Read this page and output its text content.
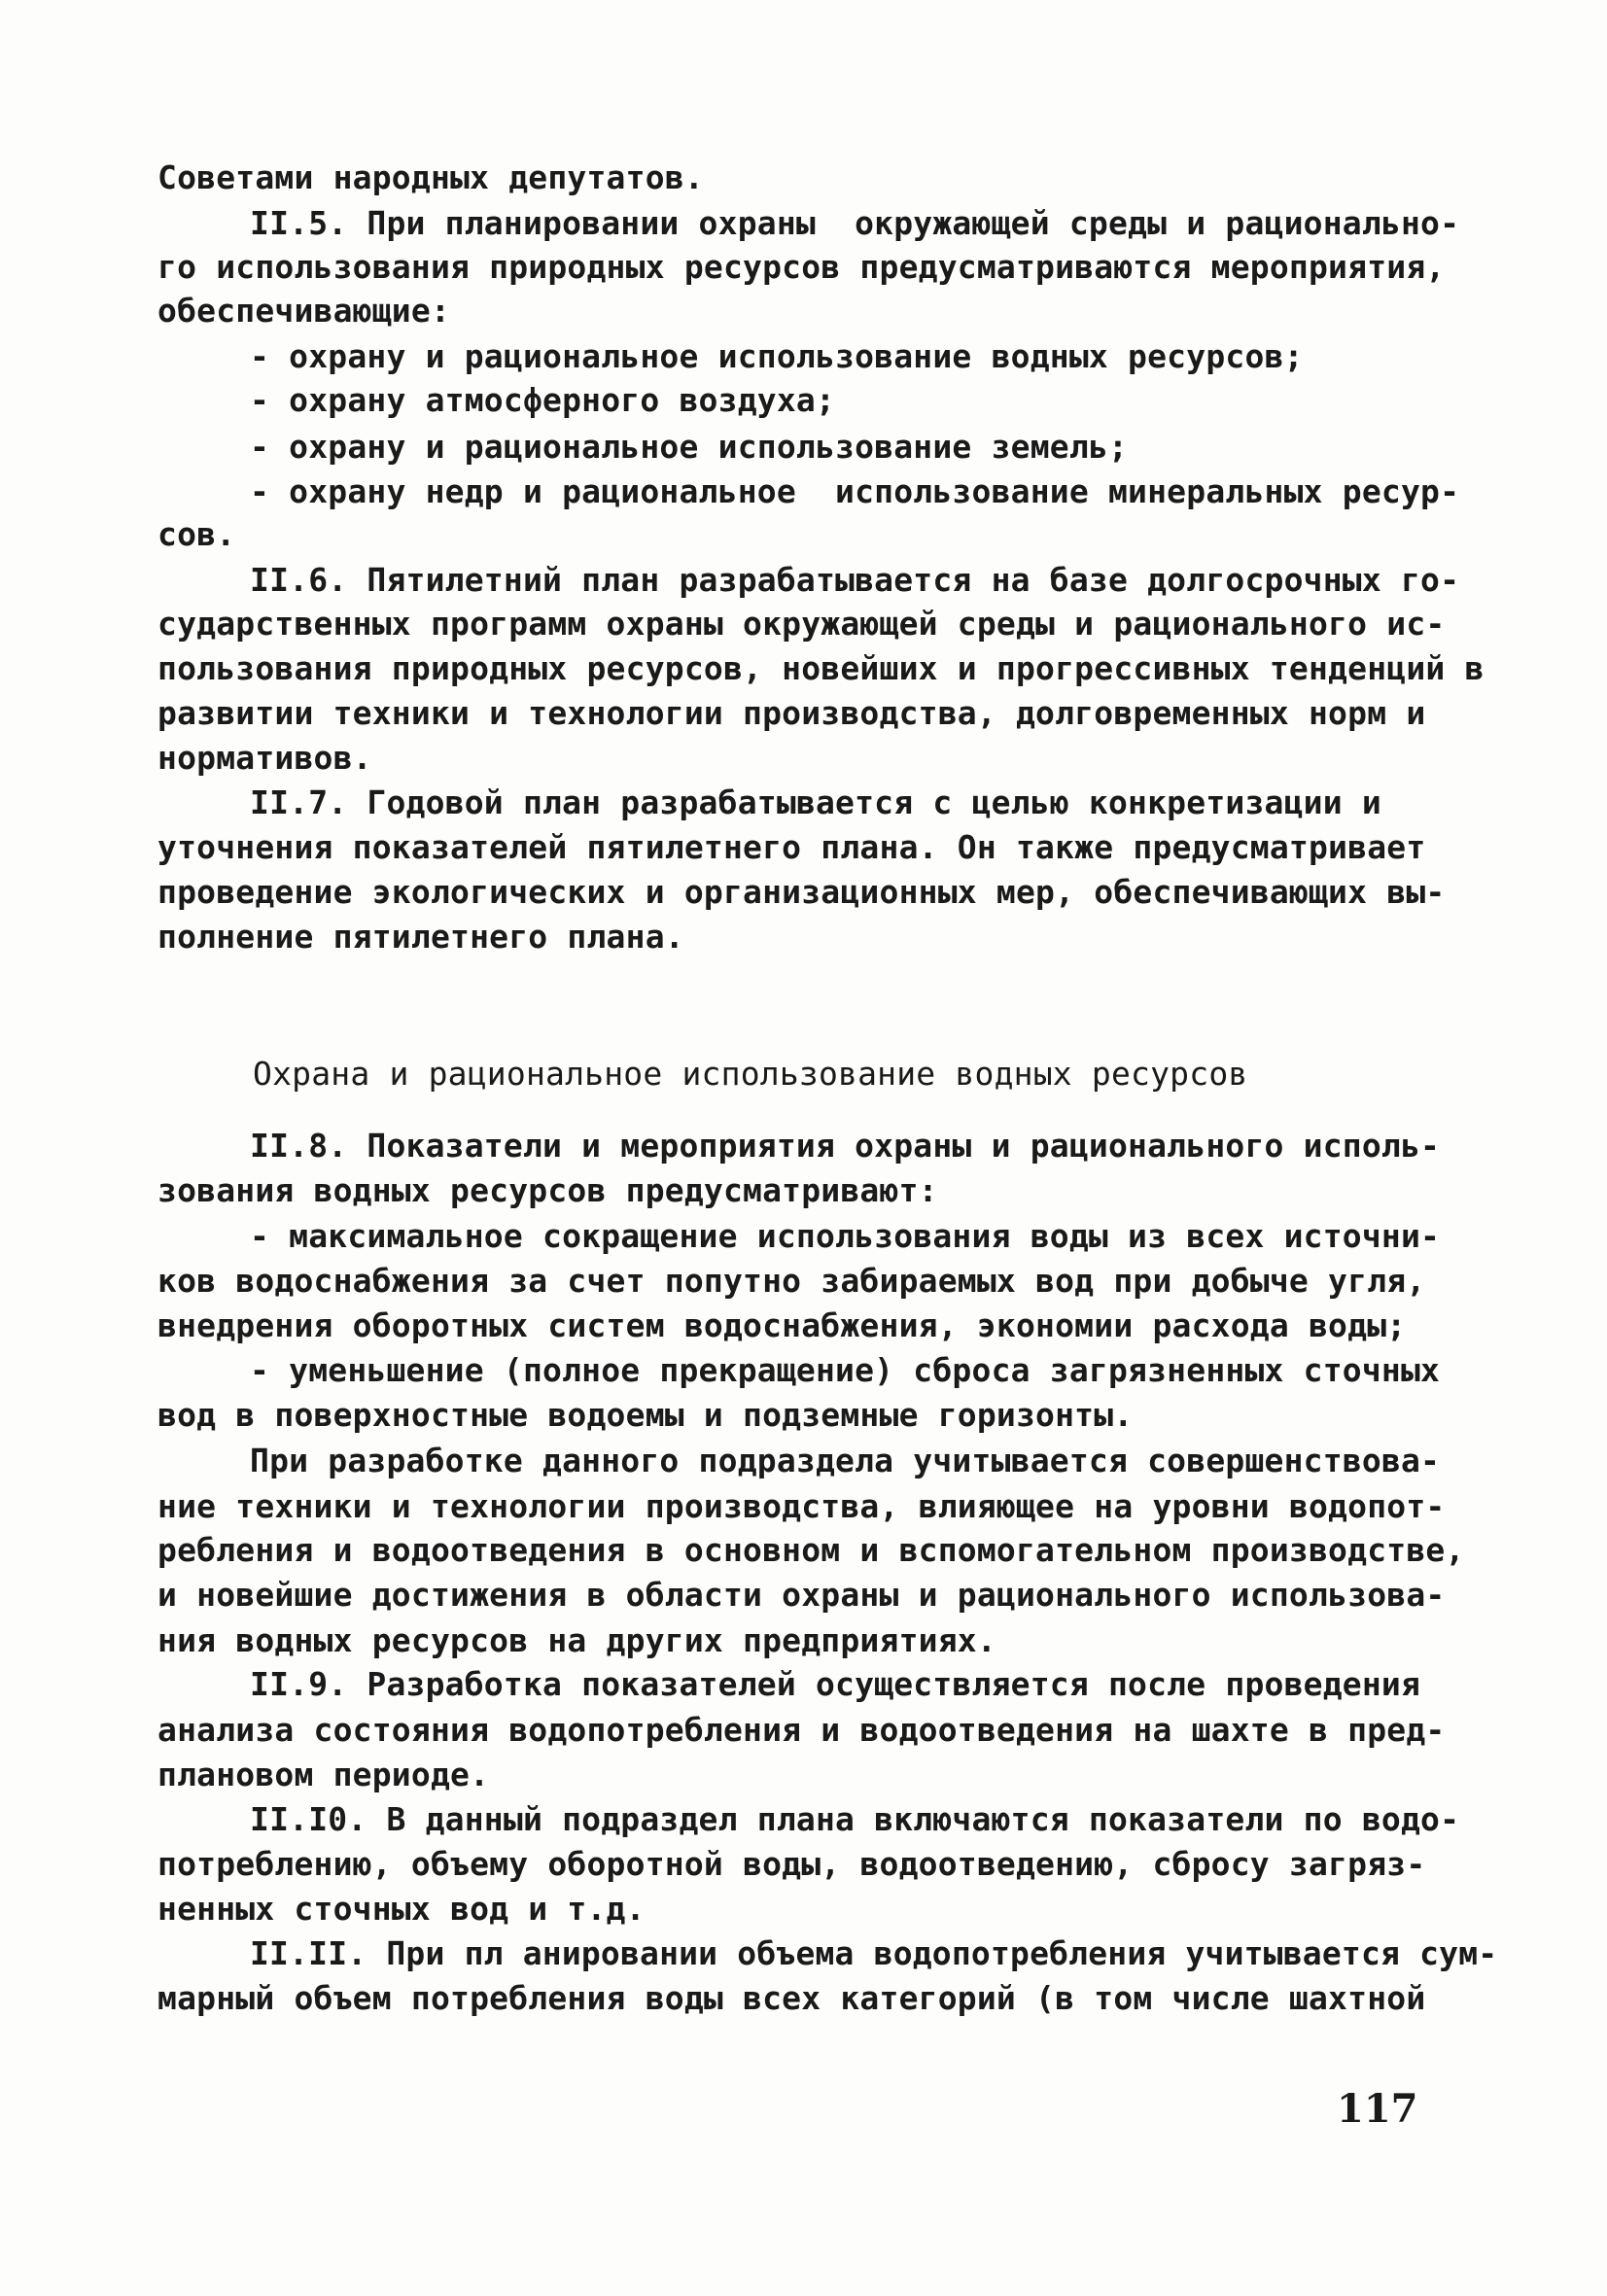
Советами народных депутатов.
II.5. При планировании охраны  окружающей среды и рационально-
го использования природных ресурсов предусматриваются мероприятия,
обеспечивающие:
- охрану и рациональное использование водных ресурсов;
- охрану атмосферного воздуха;
- охрану и рациональное использование земель;
- охрану недр и рациональное  использование минеральных ресур-
сов.
II.6. Пятилетний план разрабатывается на базе долгосрочных го-
сударственных программ охраны окружающей среды и рационального ис-
пользования природных ресурсов, новейших и прогрессивных тенденций в
развитии техники и технологии производства, долговременных норм и
нормативов.
II.7. Годовой план разрабатывается с целью конкретизации и
уточнения показателей пятилетнего плана. Он также предусматривает
проведение экологических и организационных мер, обеспечивающих вы-
полнение пятилетнего плана.
Охрана и рациональное использование водных ресурсов
II.8. Показатели и мероприятия охраны и рационального исполь-
зования водных ресурсов предусматривают:
- максимальное сокращение использования воды из всех источни-
ков водоснабжения за счет попутно забираемых вод при добыче угля,
внедрения оборотных систем водоснабжения, экономии расхода воды;
- уменьшение (полное прекращение) сброса загрязненных сточных
вод в поверхностные водоемы и подземные горизонты.
При разработке данного подраздела учитывается совершенствова-
ние техники и технологии производства, влияющее на уровни водопот-
ребления и водоотведения в основном и вспомогательном производстве,
и новейшие достижения в области охраны и рационального использова-
ния водных ресурсов на других предприятиях.
II.9. Разработка показателей осуществляется после проведения
анализа состояния водопотребления и водоотведения на шахте в пред-
плановом периоде.
II.I0. В данный подраздел плана включаются показатели по водо-
потреблению, объему оборотной воды, водоотведению, сбросу загряз-
ненных сточных вод и т.д.
II.II. При пл анировании объема водопотребления учитывается сум-
марный объем потребления воды всех категорий (в том числе шахтной
117
